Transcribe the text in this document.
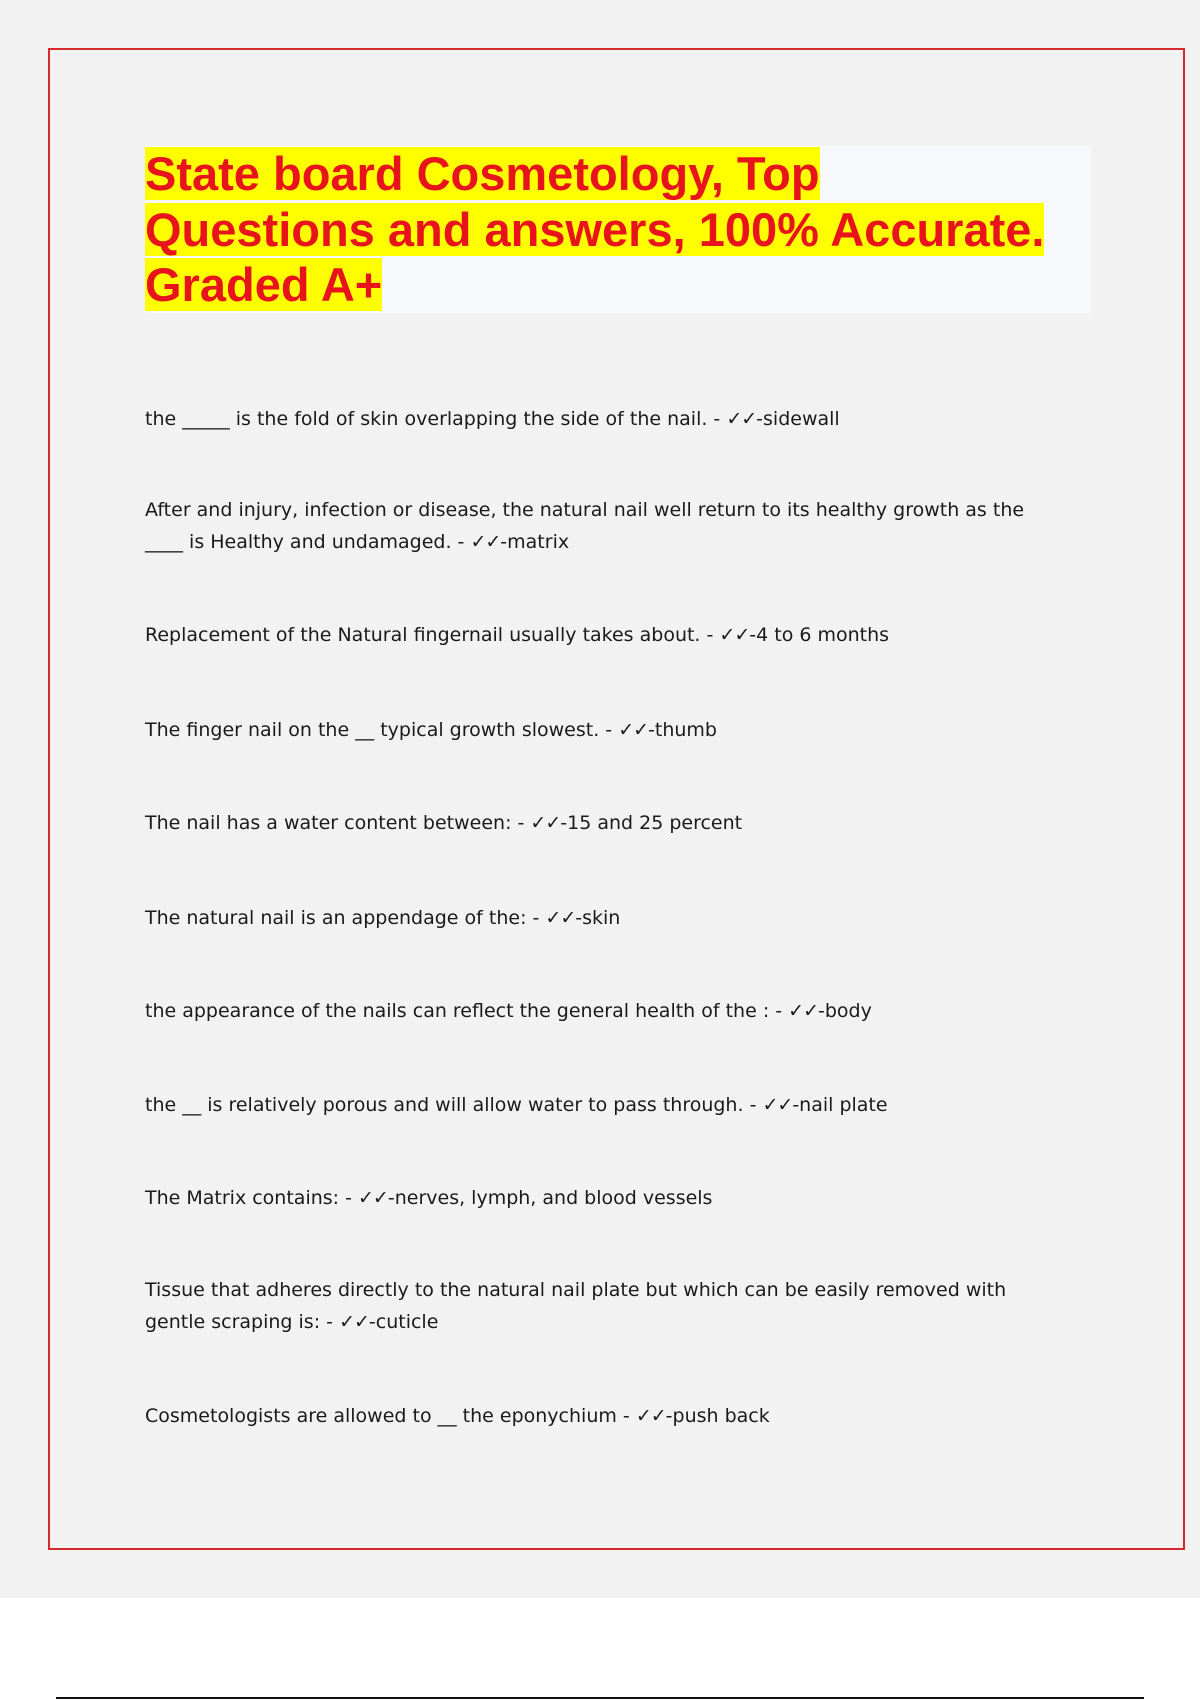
State board Cosmetology, Top
Questions and answers, 100% Accurate.
Graded A+

the _____ is the fold of skin overlapping the side of the nail. - ✓✓-sidewall

After and injury, infection or disease, the natural nail well return to its healthy growth as the ____ is Healthy and undamaged. - ✓✓-matrix

Replacement of the Natural fingernail usually takes about. - ✓✓-4 to 6 months

The finger nail on the __ typical growth slowest. - ✓✓-thumb

The nail has a water content between: - ✓✓-15 and 25 percent

The natural nail is an appendage of the: - ✓✓-skin

the appearance of the nails can reflect the general health of the : - ✓✓-body

the __ is relatively porous and will allow water to pass through. - ✓✓-nail plate

The Matrix contains: - ✓✓-nerves, lymph, and blood vessels

Tissue that adheres directly to the natural nail plate but which can be easily removed with gentle scraping is: - ✓✓-cuticle

Cosmetologists are allowed to __ the eponychium - ✓✓-push back
